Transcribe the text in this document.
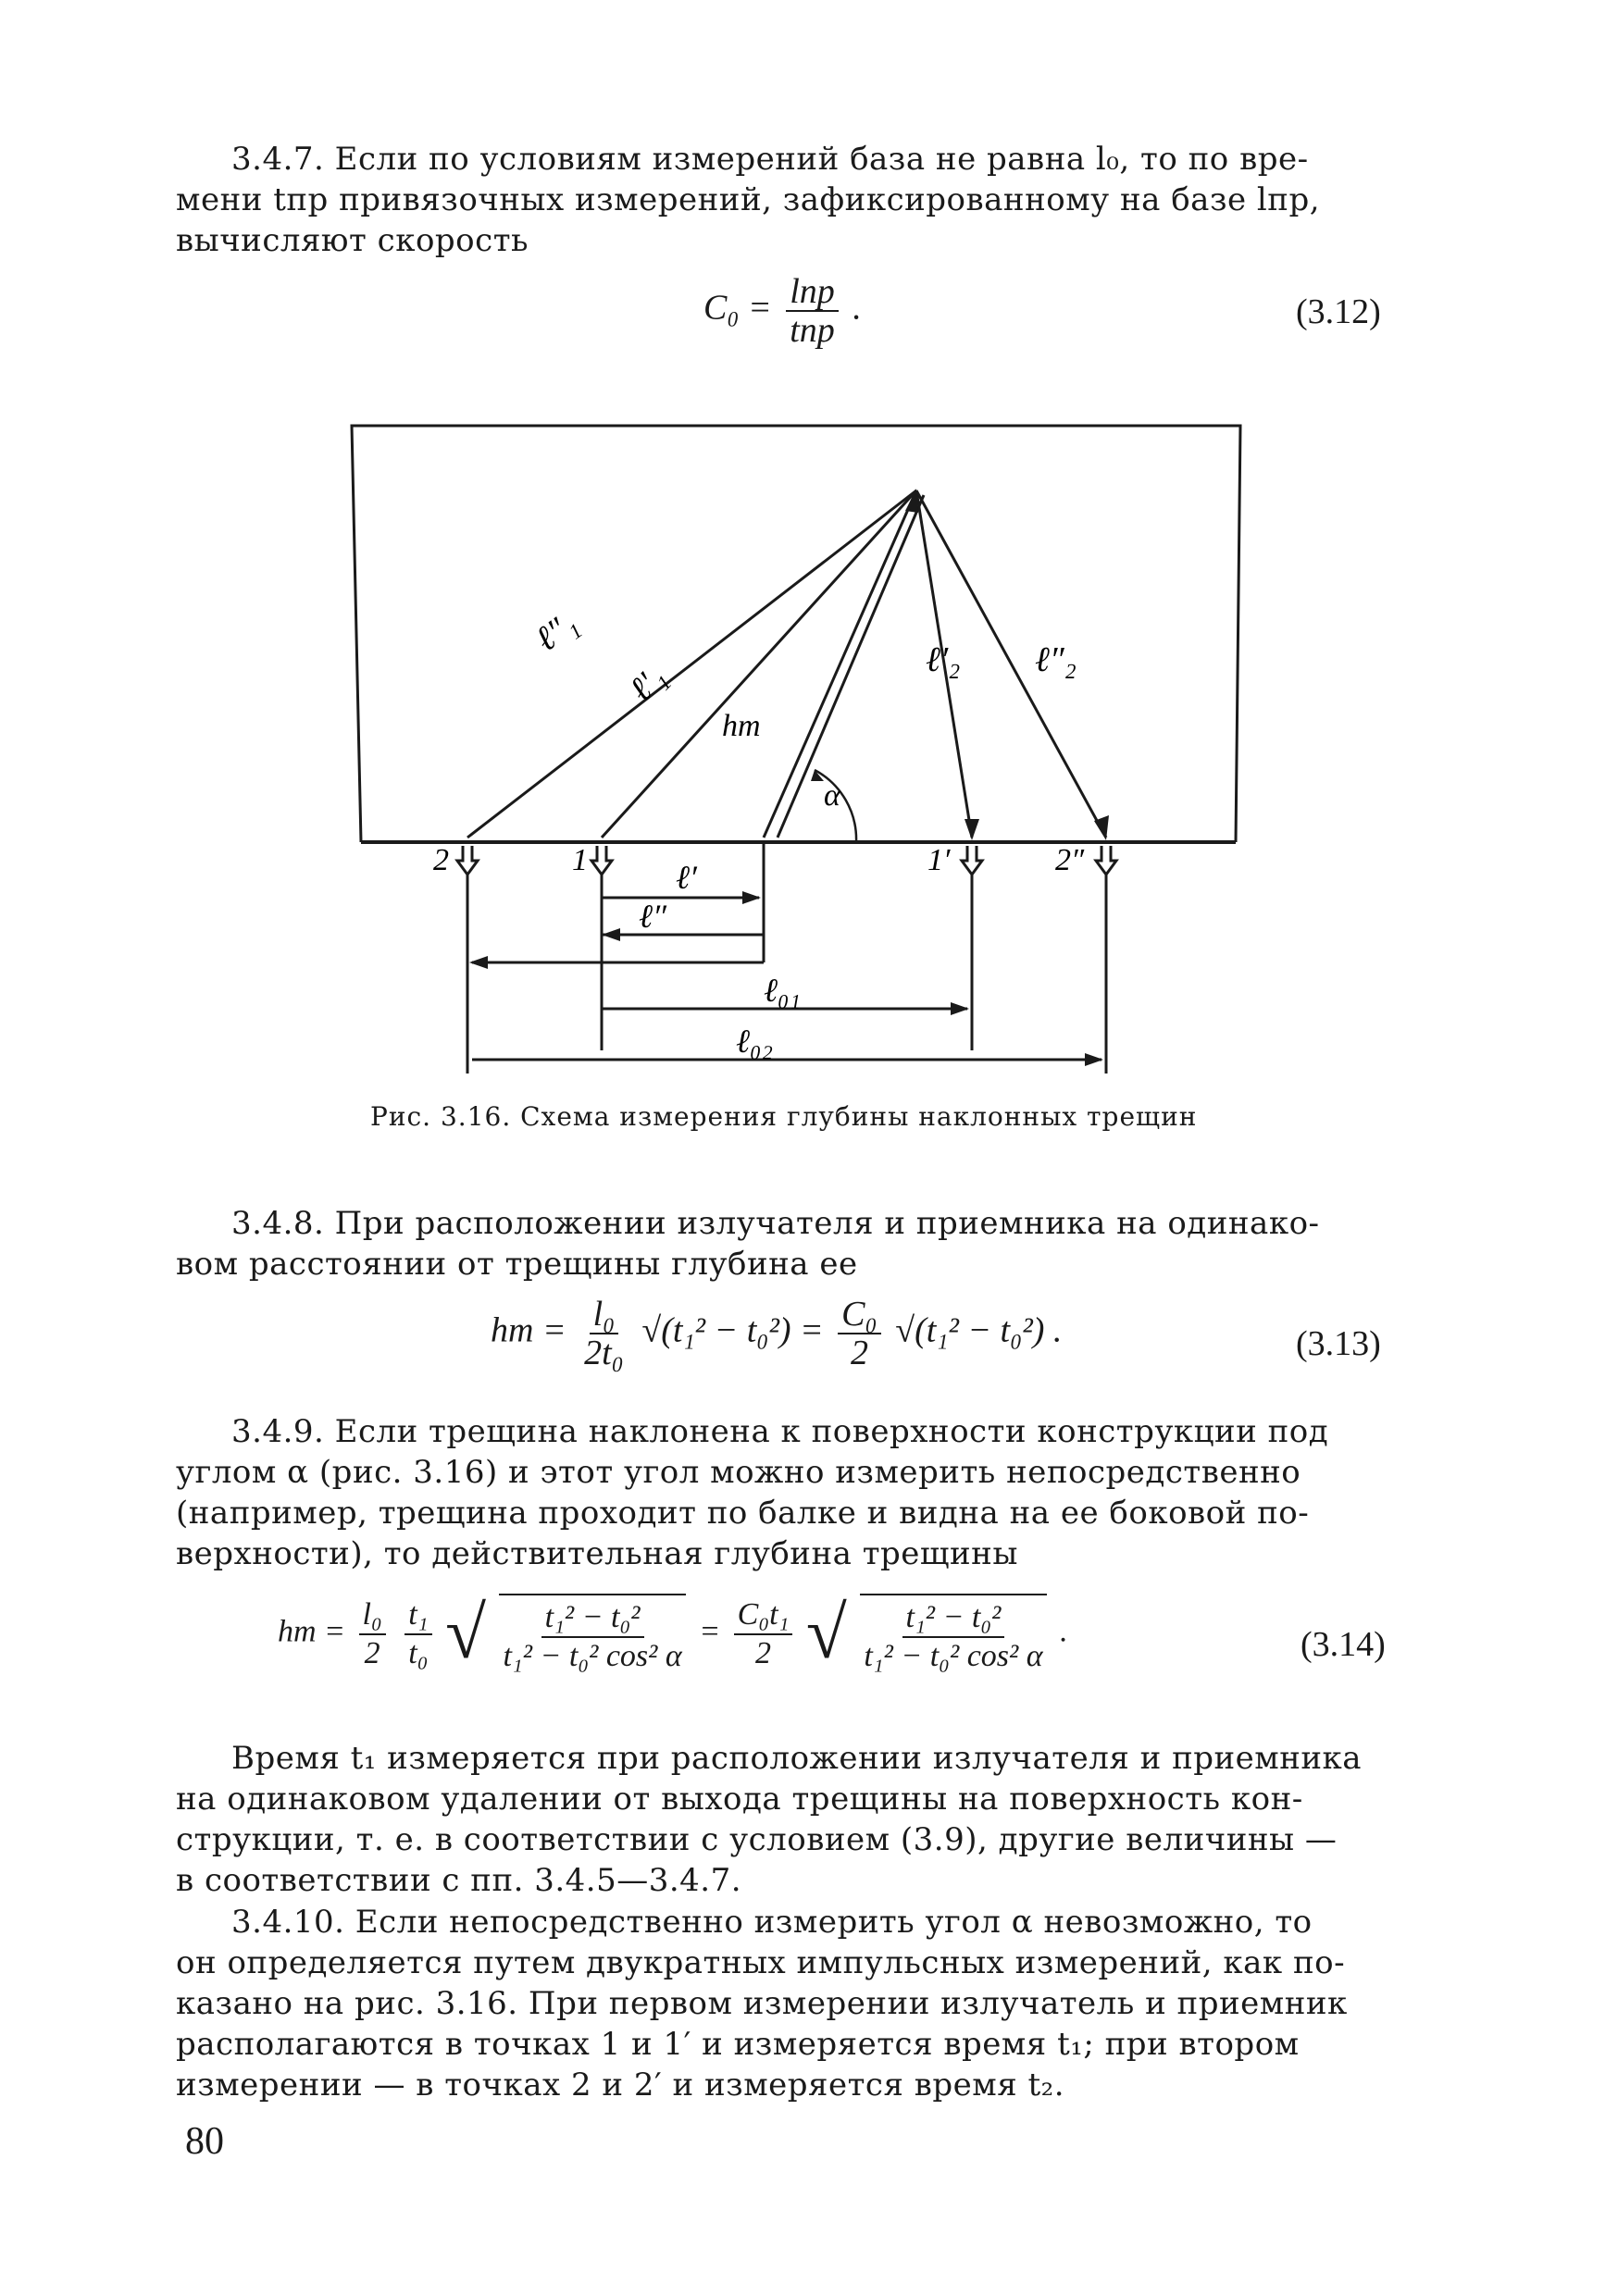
3.4.7. Если по условиям измерений база не равна l₀, то по вре-
мени tпр привязочных измерений, зафиксированному на базе lпр,
вычисляют скорость
$C_0 = \frac{\text{lпр}}{\text{tпр}}$ .	(3.12)
ℓ″₁
ℓ′₁
hт
α
ℓ′₂ ℓ″₂
2	1	1′	2″
ℓ′
ℓ″
ℓ₀₁
ℓ₀₂
Рис. 3.16. Схема измерения глубины наклонных трещин
3.4.8. При расположении излучателя и приемника на одинако-
вом расстоянии от трещины глубина ее
hт = $\frac{\text{l₀}}{\text{2t₀}} √(t_1^2 - t_0^2) = \frac{\text{C₀}}{2} √(t_1^2 - t_0^2)$ .	(3.13)
3.4.9. Если трещина наклонена к поверхности конструкции под
углом α (рис. 3.16) и этот угол можно измерить непосредственно
(например, трещина проходит по балке и видна на ее боковой по-
верхности), то действительная глубина трещины
hт = $\frac{\text{l₀}}{2}$
$\frac{\text{t₁}}{\text{t₀}}$ √ $\frac{\text{t₁² − t₀²}}{\text{t₁² − t₀² cos² α}} = \frac{\text{C₀t₁}}{2}$ √ $\frac{\text{t₁² − t₀²}}{\text{t₁² − t₀² cos² α}}$ .	(3.14)
Время t₁ измеряется при расположении излучателя и приемника
на одинаковом удалении от выхода трещины на поверхность кон-
струкции, т. е. в соответствии с условием (3.9), другие величины —
в соответствии с пп. 3.4.5—3.4.7.
3.4.10. Если непосредственно измерить угол α невозможно, то
он определяется путем двукратных импульсных измерений, как по-
казано на рис. 3.16. При первом измерении излучатель и приемник
располагаются в точках 1 и 1′ и измеряется время t₁; при втором
измерении — в точках 2 и 2′ и измеряется время t₂.
80
